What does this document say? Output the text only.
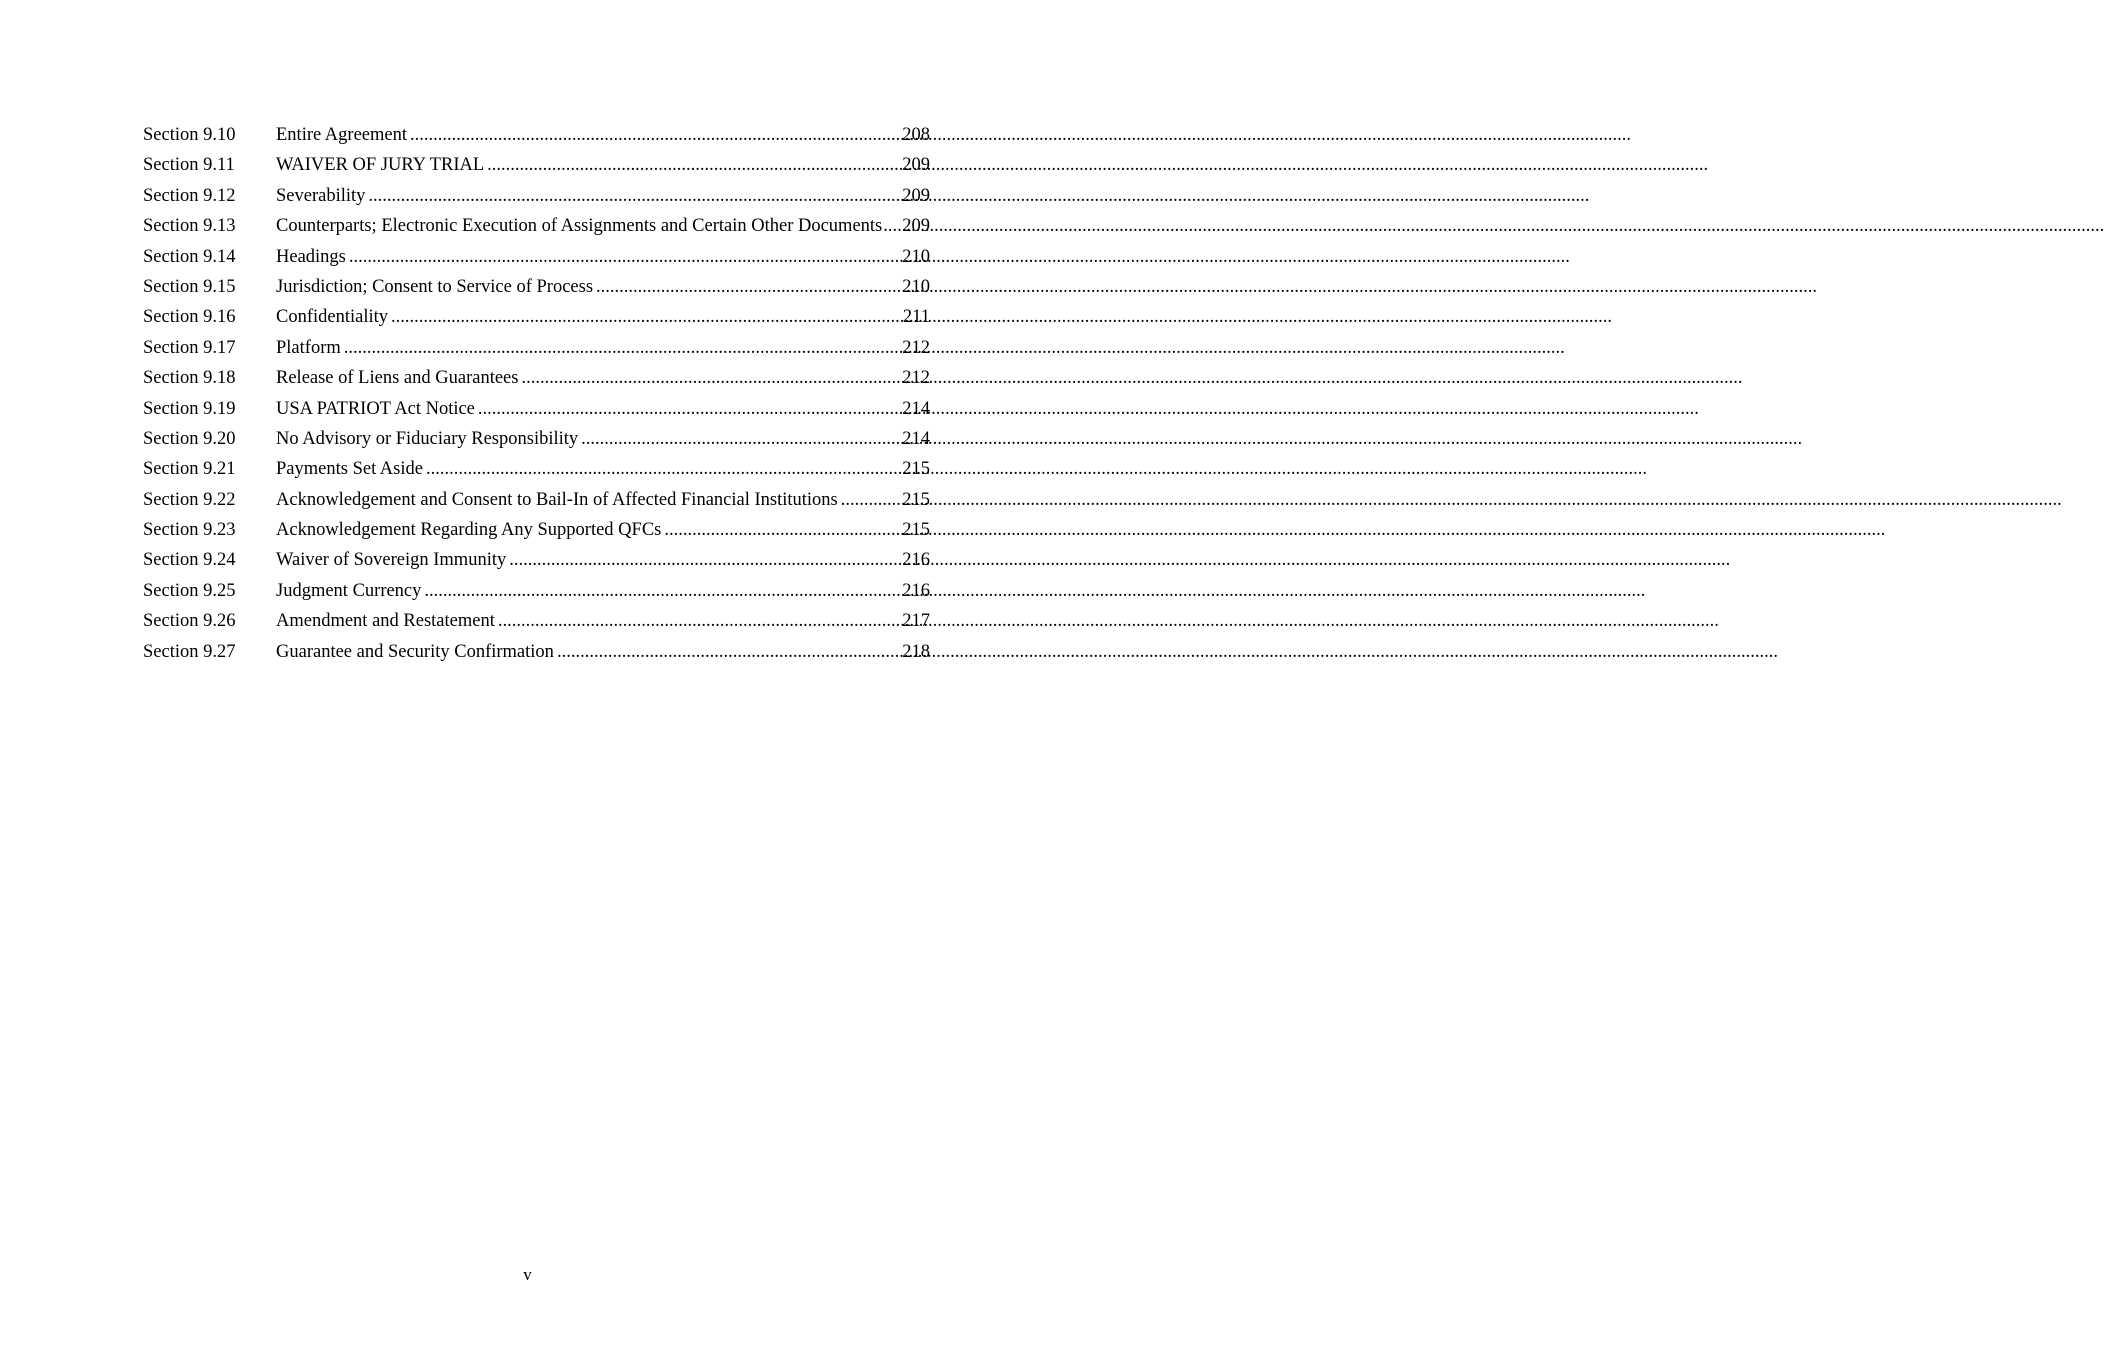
Section 9.10	Entire Agreement .....	208
Section 9.11	WAIVER OF JURY TRIAL .....	209
Section 9.12	Severability .....	209
Section 9.13	Counterparts; Electronic Execution of Assignments and Certain Other Documents ..... 209
Section 9.14	Headings .....	210
Section 9.15	Jurisdiction; Consent to Service of Process .....	210
Section 9.16	Confidentiality .....	211
Section 9.17	Platform .....	212
Section 9.18	Release of Liens and Guarantees .....	212
Section 9.19	USA PATRIOT Act Notice .....	214
Section 9.20	No Advisory or Fiduciary Responsibility .....	214
Section 9.21	Payments Set Aside .....	215
Section 9.22	Acknowledgement and Consent to Bail-In of Affected Financial Institutions .....	215
Section 9.23	Acknowledgement Regarding Any Supported QFCs .....	215
Section 9.24	Waiver of Sovereign Immunity .....	216
Section 9.25	Judgment Currency .....	216
Section 9.26	Amendment and Restatement .....	217
Section 9.27	Guarantee and Security Confirmation .....	218
v
